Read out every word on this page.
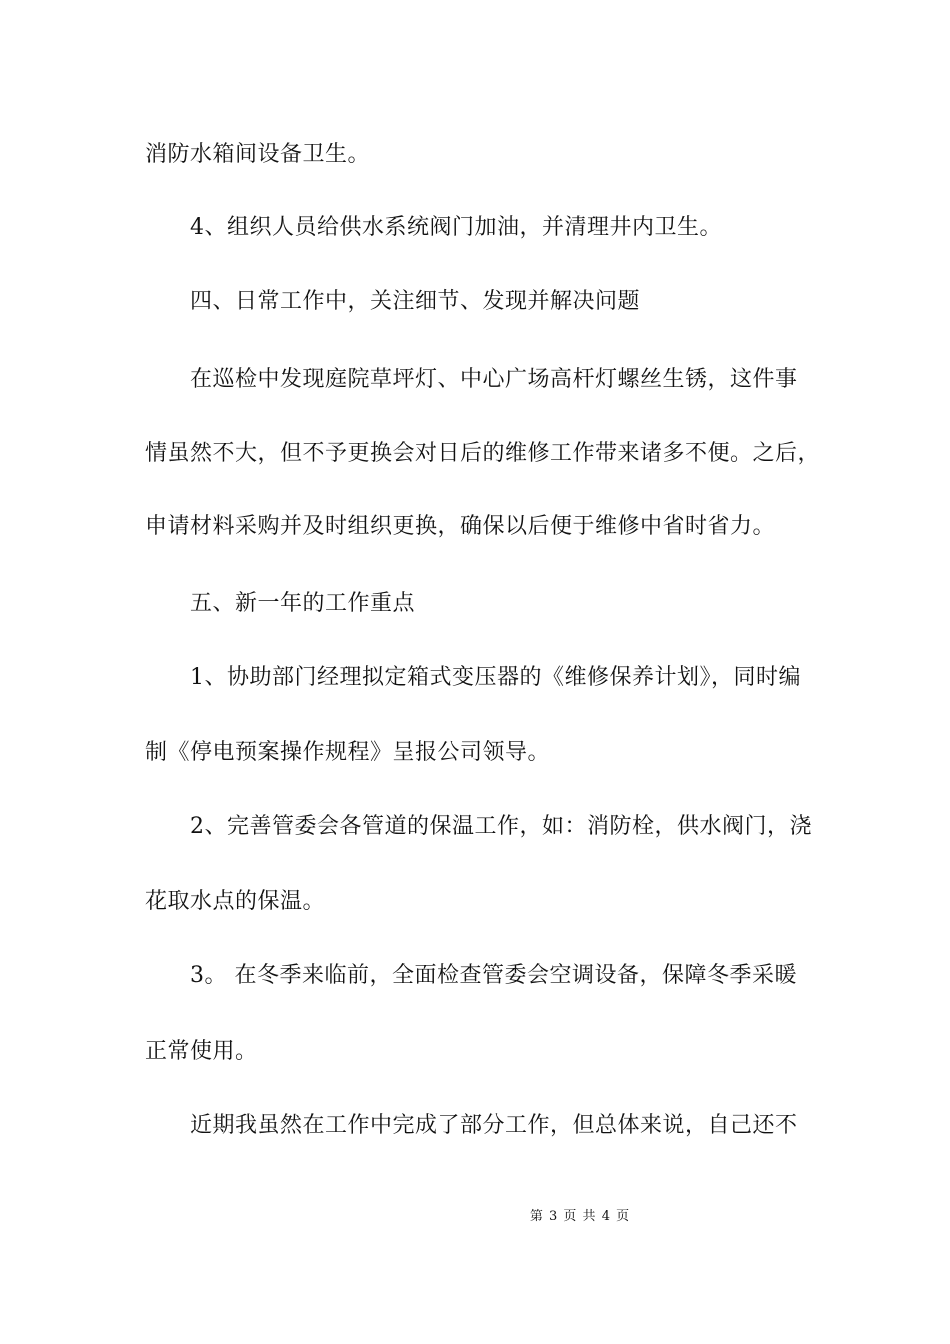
消防水箱间设备卫生。
4、组织人员给供水系统阀门加油，并清理井内卫生。
四、日常工作中，关注细节、发现并解决问题
在巡检中发现庭院草坪灯、中心广场高杆灯螺丝生锈，这件事
情虽然不大，但不予更换会对日后的维修工作带来诸多不便。之后，
申请材料采购并及时组织更换，确保以后便于维修中省时省力。
五、新一年的工作重点
1、协助部门经理拟定箱式变压器的《维修保养计划》，同时编
制《停电预案操作规程》呈报公司领导。
2、完善管委会各管道的保温工作，如：消防栓，供水阀门，浇
花取水点的保温。
3。 在冬季来临前，全面检查管委会空调设备，保障冬季采暖
正常使用。
近期我虽然在工作中完成了部分工作，但总体来说，自己还不
第 3 页 共 4 页
